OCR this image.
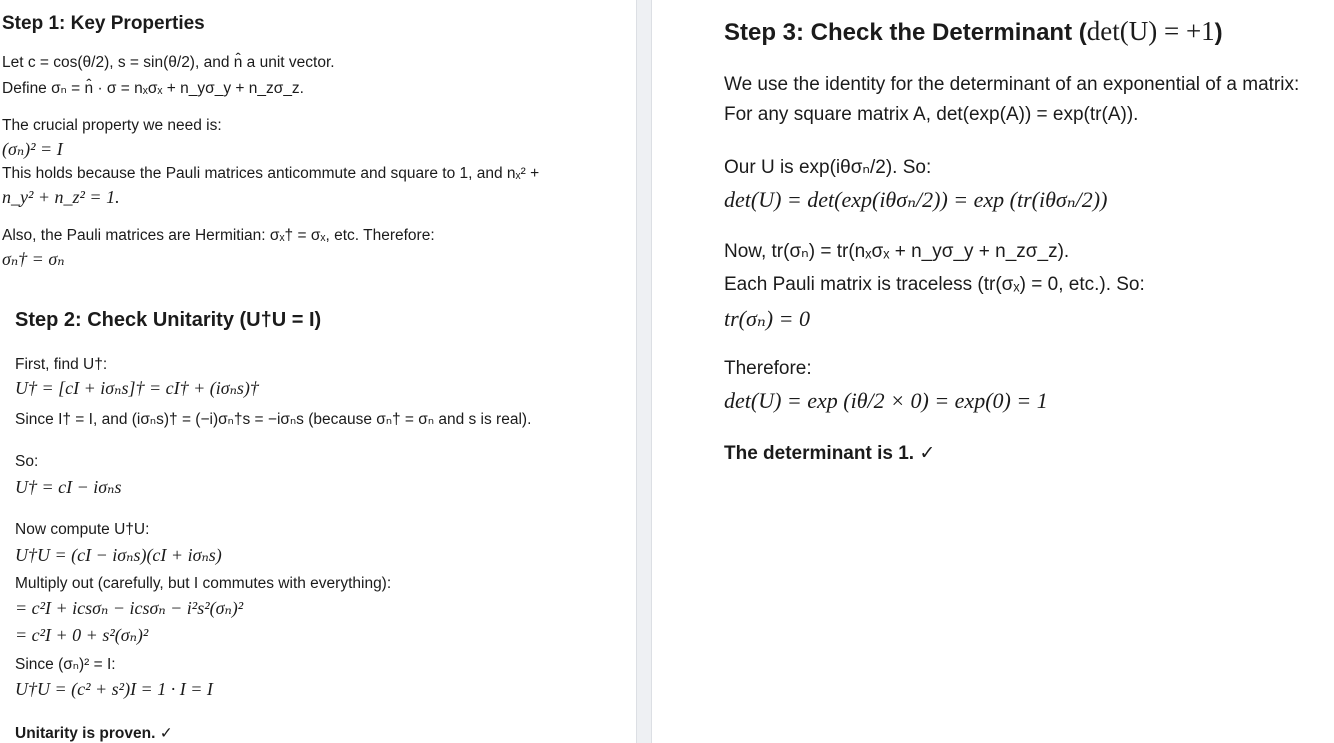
Step 1: Key Properties
Let c = cos(θ/2), s = sin(θ/2), and n̂ a unit vector.
Define σₙ = n̂ · σ = nₓσₓ + n_yσ_y + n_zσ_z.
The crucial property we need is:
(σₙ)² = I
This holds because the Pauli matrices anticommute and square to 1, and nₓ² +
n_y² + n_z² = 1.
Also, the Pauli matrices are Hermitian: σₓ† = σₓ, etc. Therefore:
σₙ† = σₙ
Step 2: Check Unitarity (U†U = I)
First, find U†:
U† = [cI + iσₙs]† = cI† + (iσₙs)†
Since I† = I, and (iσₙs)† = (−i)σₙ†s = −iσₙs (because σₙ† = σₙ and s is real).
So:
U† = cI − iσₙs
Now compute U†U:
U†U = (cI − iσₙs)(cI + iσₙs)
Multiply out (carefully, but I commutes with everything):
= c²I + icsσₙ − icsσₙ − i²s²(σₙ)²
= c²I + 0 + s²(σₙ)²
Since (σₙ)² = I:
U†U = (c² + s²)I = 1 · I = I
Unitarity is proven. ✓
Step 3: Check the Determinant (det(U) = +1)
We use the identity for the determinant of an exponential of a matrix:
For any square matrix A, det(exp(A)) = exp(tr(A)).
Our U is exp(iθσₙ/2). So:
det(U) = det(exp(iθσₙ/2)) = exp (tr(iθσₙ/2))
Now, tr(σₙ) = tr(nₓσₓ + n_yσ_y + n_zσ_z).
Each Pauli matrix is traceless (tr(σₓ) = 0, etc.). So:
tr(σₙ) = 0
Therefore:
det(U) = exp (iθ/2 × 0) = exp(0) = 1
The determinant is 1. ✓
